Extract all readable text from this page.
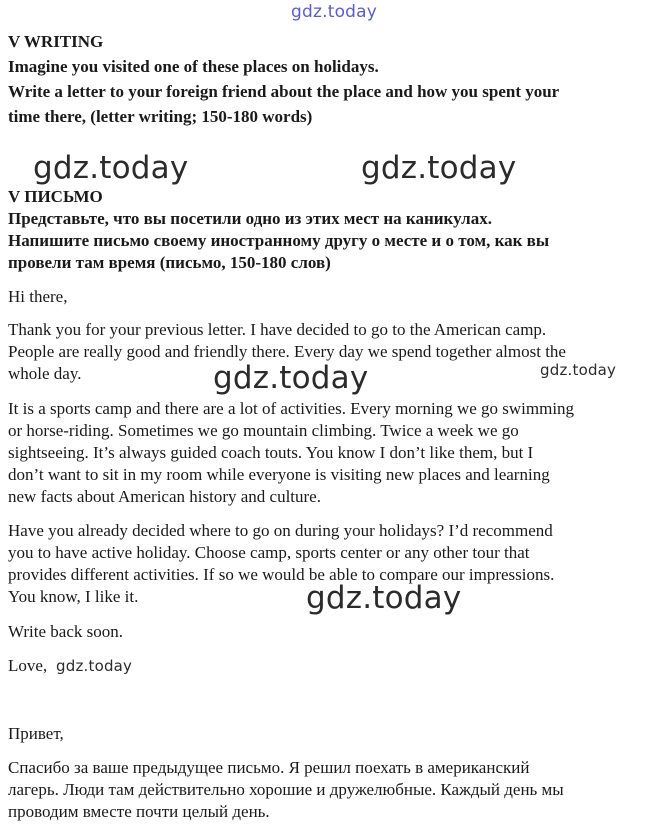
gdz.today
gdz.today	gdz.today
gdz.today	gdz.today
gdz.today
gdz.today

V WRITING

Imagine you visited one of these places on holidays.

Write a letter to your foreign friend about the place and how you spent your

time there, (letter writing; 150-180 words)

V ПИСЬМО

Представьте, что вы посетили одно из этих мест на каникулах.

Напишите письмо своему иностранному другу о месте и о том, как вы

провели там время (письмо, 150-180 слов)

Hi there,

Thank you for your previous letter. I have decided to go to the American camp.

People are really good and friendly there. Every day we spend together almost the

whole day.

It is a sports camp and there are a lot of activities. Every morning we go swimming

or horse-riding. Sometimes we go mountain climbing. Twice a week we go

sightseeing. It’s always guided coach touts. You know I don’t like them, but I

don’t want to sit in my room while everyone is visiting new places and learning

new facts about American history and culture.

Have you already decided where to go on during your holidays? I’d recommend

you to have active holiday. Choose camp, sports center or any other tour that

provides different activities. If so we would be able to compare our impressions.

You know, I like it.

Write back soon.
Love,
Привет,

Спасибо за ваше предыдущее письмо. Я решил поехать в американский

лагерь. Люди там действительно хорошие и дружелюбные. Каждый день мы

проводим вместе почти целый день.
